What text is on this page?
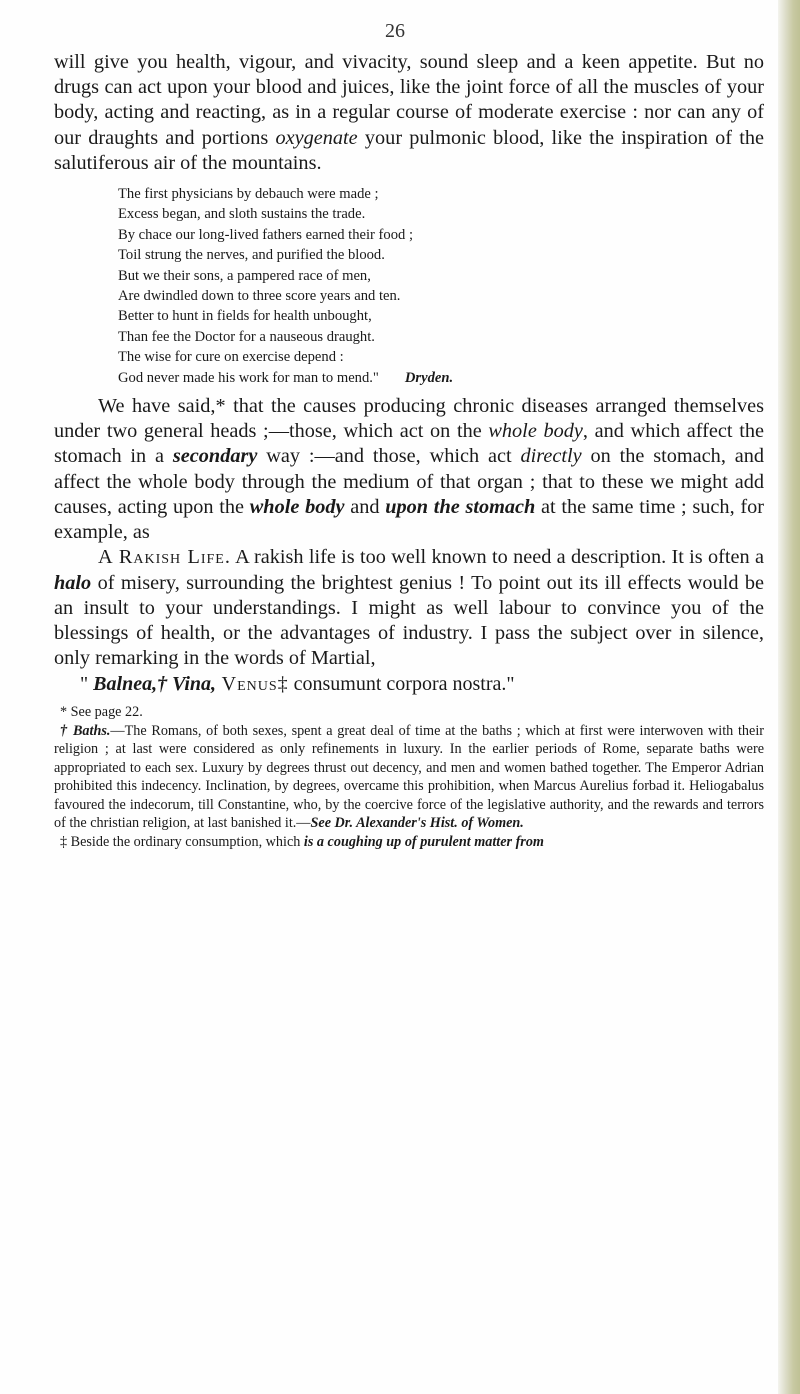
26

will give you health, vigour, and vivacity, sound sleep and a keen appetite. But no drugs can act upon your blood and juices, like the joint force of all the muscles of your body, acting and reacting, as in a regular course of moderate exercise : nor can any of our draughts and portions oxygenate your pulmonic blood, like the inspiration of the salutiferous air of the mountains.

The first physicians by debauch were made ;
Excess began, and sloth sustains the trade.
By chace our long-lived fathers earned their food ;
Toil strung the nerves, and purified the blood.
But we their sons, a pampered race of men,
Are dwindled down to three score years and ten.
Better to hunt in fields for health unbought,
Than fee the Doctor for a nauseous draught.
The wise for cure on exercise depend :
God never made his work for man to mend." Dryden.

We have said,* that the causes producing chronic diseases arranged themselves under two general heads ;—those, which act on the whole body, and which affect the stomach in a secondary way :—and those, which act directly on the stomach, and affect the whole body through the medium of that organ ; that to these we might add causes, acting upon the whole body and upon the stomach at the same time ; such, for example, as

A Rakish Life. A rakish life is too well known to need a description. It is often a halo of misery, surrounding the brightest genius ! To point out its ill effects would be an insult to your understandings. I might as well labour to convince you of the blessings of health, or the advantages of industry. I pass the subject over in silence, only remarking in the words of Martial,

" Balnea,† Vina, Venus‡ consumunt corpora nostra."

* See page 22.

† Baths.—The Romans, of both sexes, spent a great deal of time at the baths ; which at first were interwoven with their religion ; at last were considered as only refinements in luxury. In the earlier periods of Rome, separate baths were appropriated to each sex. Luxury by degrees thrust out decency, and men and women bathed together. The Emperor Adrian prohibited this indecency. Inclination, by degrees, overcame this prohibition, when Marcus Aurelius forbad it. Heliogabalus favoured the indecorum, till Constantine, who, by the coercive force of the legislative authority, and the rewards and terrors of the christian religion, at last banished it.—See Dr. Alexander's Hist. of Women.

‡ Beside the ordinary consumption, which is a coughing up of purulent matter from
